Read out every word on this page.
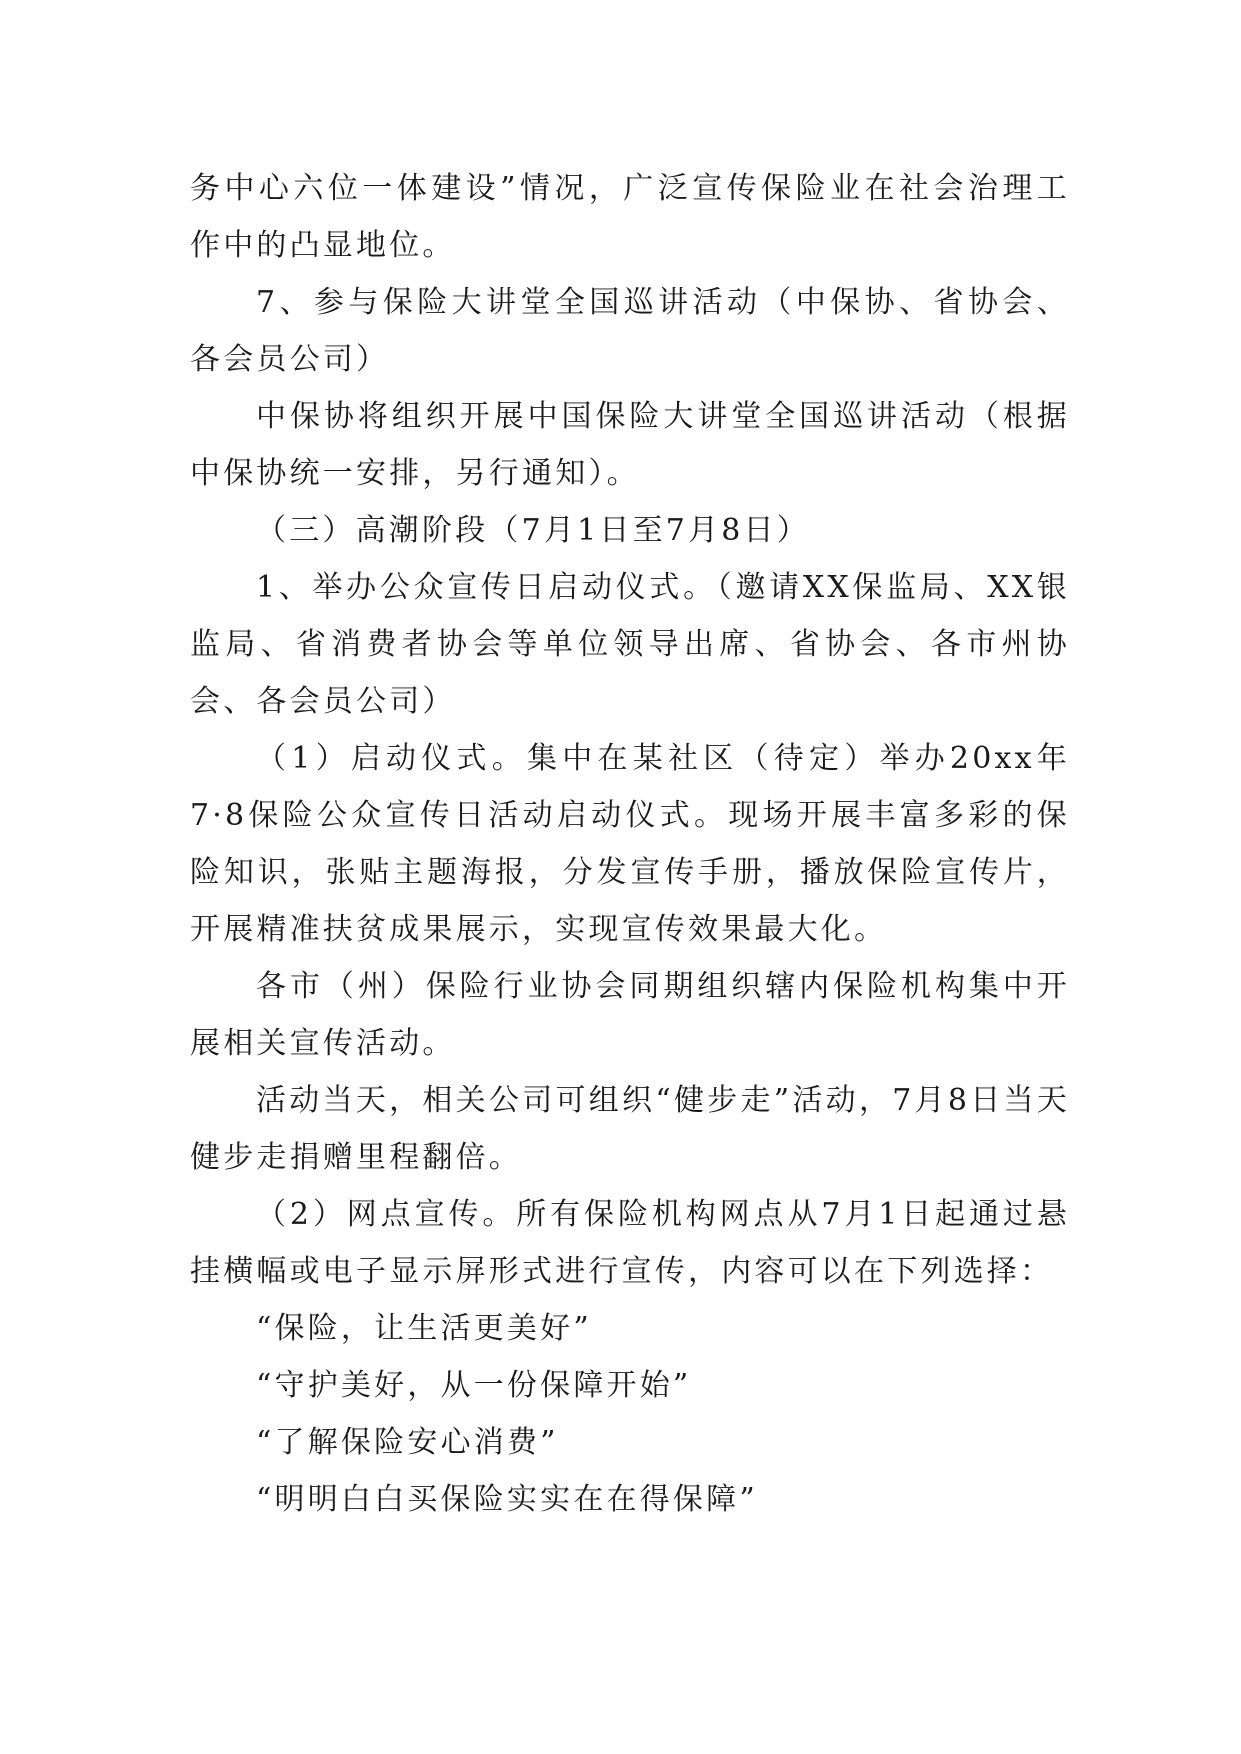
务中心六位一体建设”情况，广泛宣传保险业在社会治理工作中的凸显地位。

7、参与保险大讲堂全国巡讲活动（中保协、省协会、各会员公司）

中保协将组织开展中国保险大讲堂全国巡讲活动（根据中保协统一安排，另行通知）。

（三）高潮阶段（7月1日至7月8日）

1、举办公众宣传日启动仪式。（邀请XX保监局、XX银监局、省消费者协会等单位领导出席、省协会、各市州协会、各会员公司）

（1）启动仪式。集中在某社区（待定）举办20xx年7·8保险公众宣传日活动启动仪式。现场开展丰富多彩的保险知识，张贴主题海报，分发宣传手册，播放保险宣传片，开展精准扶贫成果展示，实现宣传效果最大化。

各市（州）保险行业协会同期组织辖内保险机构集中开展相关宣传活动。

活动当天，相关公司可组织“健步走”活动，7月8日当天健步走捐赠里程翻倍。

（2）网点宣传。所有保险机构网点从7月1日起通过悬挂横幅或电子显示屏形式进行宣传，内容可以在下列选择：

“保险，让生活更美好”

“守护美好，从一份保障开始”

“了解保险安心消费”

“明明白白买保险实实在在得保障”
